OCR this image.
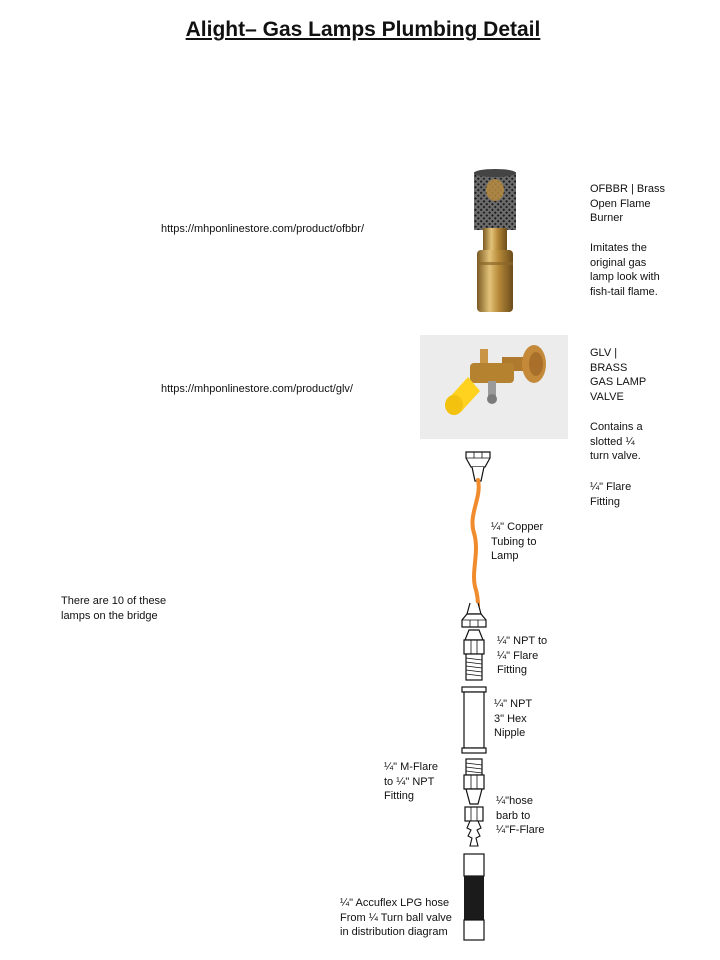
Alight– Gas Lamps Plumbing Detail
https://mhponlinestore.com/product/ofbbr/
https://mhponlinestore.com/product/glv/
OFBBR | Brass
Open Flame
Burner
Imitates the
original gas
lamp look with
fish-tail flame.
GLV |
BRASS
GAS LAMP
VALVE
Contains a
slotted ¼
turn valve.
¼" Flare
Fitting
¼" Copper
Tubing to
Lamp
There are 10 of these
lamps on the bridge
¼" NPT to
¼" Flare
Fitting
¼" NPT
3" Hex
Nipple
¼" M-Flare
to ¼" NPT
Fitting	¼"hose
barb to
¼"F-Flare
¼" Accuflex LPG hose
From ¼ Turn ball valve
in distribution diagram
